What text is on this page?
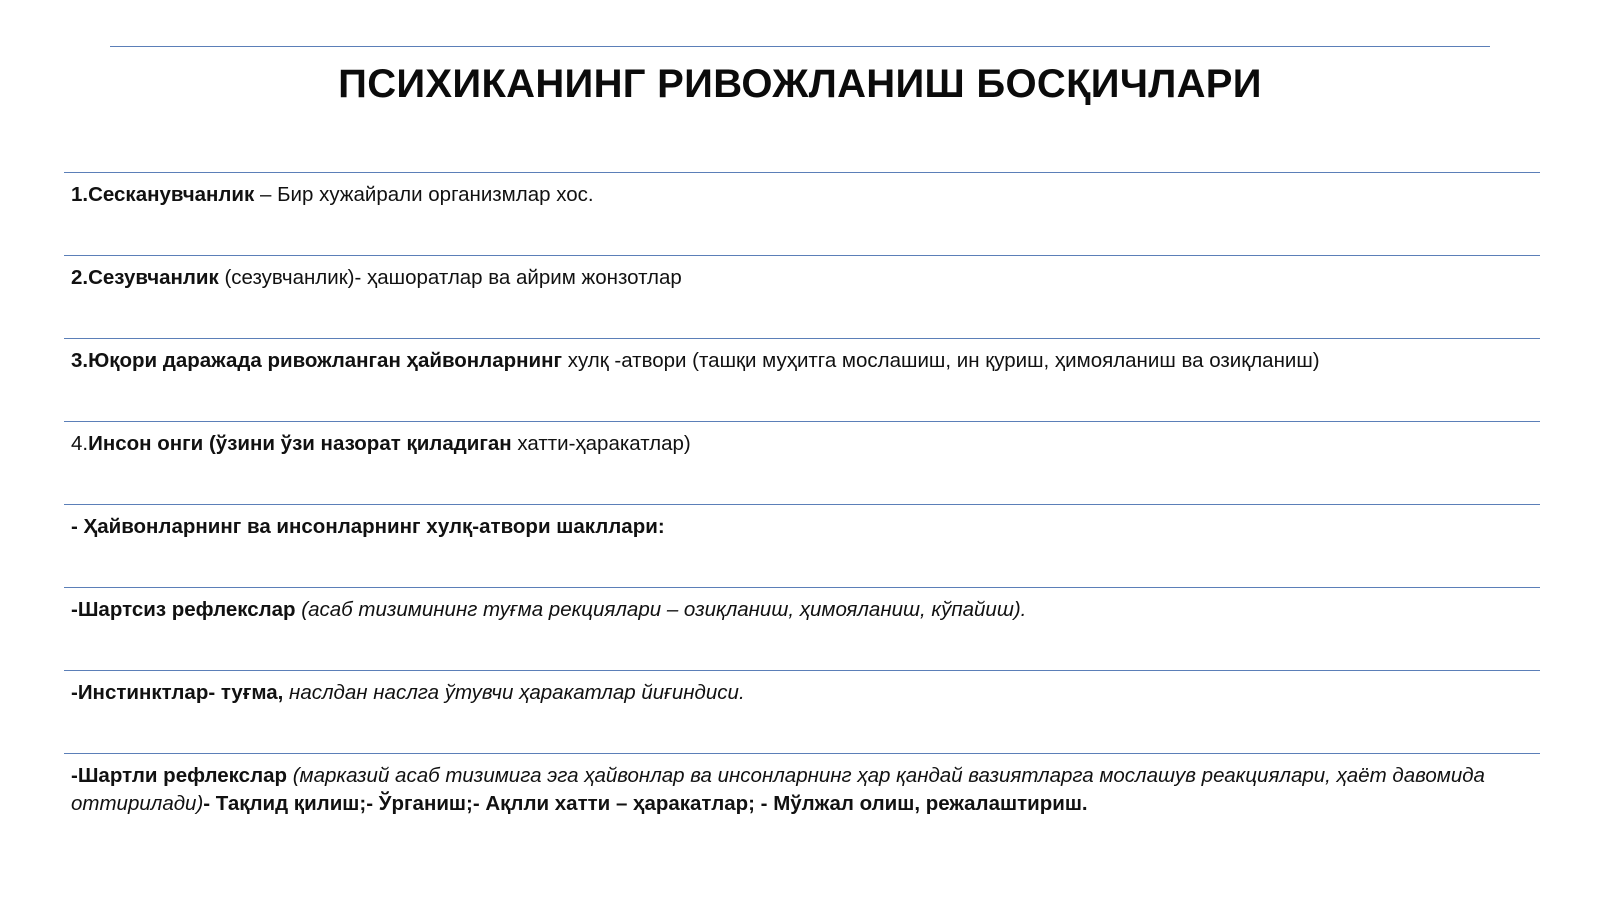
ПСИХИКАНИНГ РИВОЖЛАНИШ БОСҚИЧЛАРИ
1.Сесканувчанлик – Бир хужайрали организмлар хос.
2.Сезувчанлик (сезувчанлик)- ҳашоратлар ва айрим жонзотлар
3.Юқори даражада ривожланган ҳайвонларнинг хулқ -атвори (ташқи муҳитга мослашиш, ин қуриш, ҳимояланиш ва озиқланиш)
4.Инсон онги (ўзини ўзи назорат қиладиган хатти-ҳаракатлар)
- Ҳайвонларнинг ва инсонларнинг хулқ-атвори шакллари:
-Шартсиз рефлекслар (асаб тизимининг туғма рекциялари – озиқланиш, ҳимояланиш, кўпайиш).
-Инстинктлар- туғма, наслдан наслга ўтувчи ҳаракатлар йиғиндиси.
-Шартли рефлекслар (марказий асаб тизимига эга ҳайвонлар ва инсонларнинг ҳар қандай вазиятларга мослашув реакциялари, ҳаёт давомида оттирилади)- Тақлид қилиш;- Ўрганиш;- Ақлли хатти – ҳаракатлар; - Мўлжал олиш, режалаштириш.
